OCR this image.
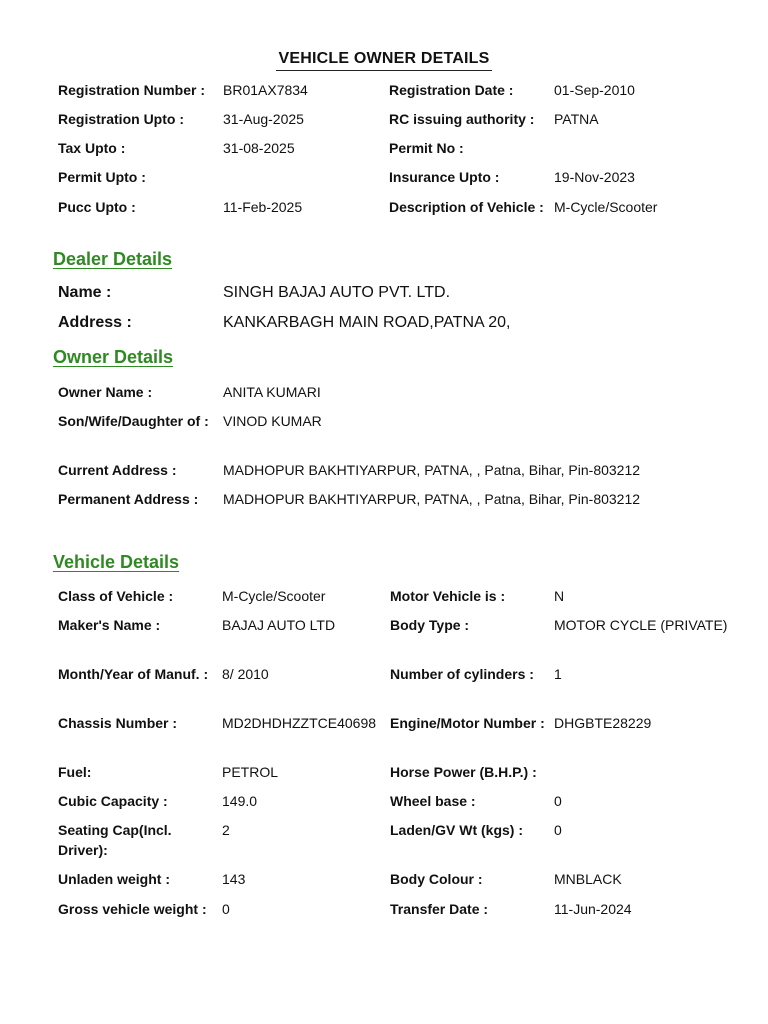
VEHICLE OWNER DETAILS
Registration Number :	BR01AX7834	Registration Date :	01-Sep-2010
Registration Upto :	31-Aug-2025	RC issuing authority :	PATNA
Tax Upto :	31-08-2025	Permit No :	
Permit Upto :		Insurance Upto :	19-Nov-2023
Pucc Upto :	11-Feb-2025	Description of Vehicle :	M-Cycle/Scooter
Dealer Details
Name :	SINGH BAJAJ AUTO PVT. LTD.
Address :	KANKARBAGH MAIN ROAD,PATNA 20,
Owner Details
Owner Name :	ANITA KUMARI
Son/Wife/Daughter of :	VINOD KUMAR
Current Address :	MADHOPUR BAKHTIYARPUR, PATNA, , Patna, Bihar, Pin-803212
Permanent Address :	MADHOPUR BAKHTIYARPUR, PATNA, , Patna, Bihar, Pin-803212
Vehicle Details
Class of Vehicle :	M-Cycle/Scooter	Motor Vehicle is :	N
Maker's Name :	BAJAJ AUTO LTD	Body Type :	MOTOR CYCLE (PRIVATE)
Month/Year of Manuf. :	8/ 2010	Number of cylinders :	1
Chassis Number :	MD2DHDHZZTCE40698	Engine/Motor Number :	DHGBTE28229
Fuel:	PETROL	Horse Power (B.H.P.) :	
Cubic Capacity :	149.0	Wheel base :	0
Seating Cap(Incl. Driver):	2	Laden/GV Wt (kgs) :	0
Unladen weight :	143	Body Colour :	MNBLACK
Gross vehicle weight :	0	Transfer Date :	11-Jun-2024
